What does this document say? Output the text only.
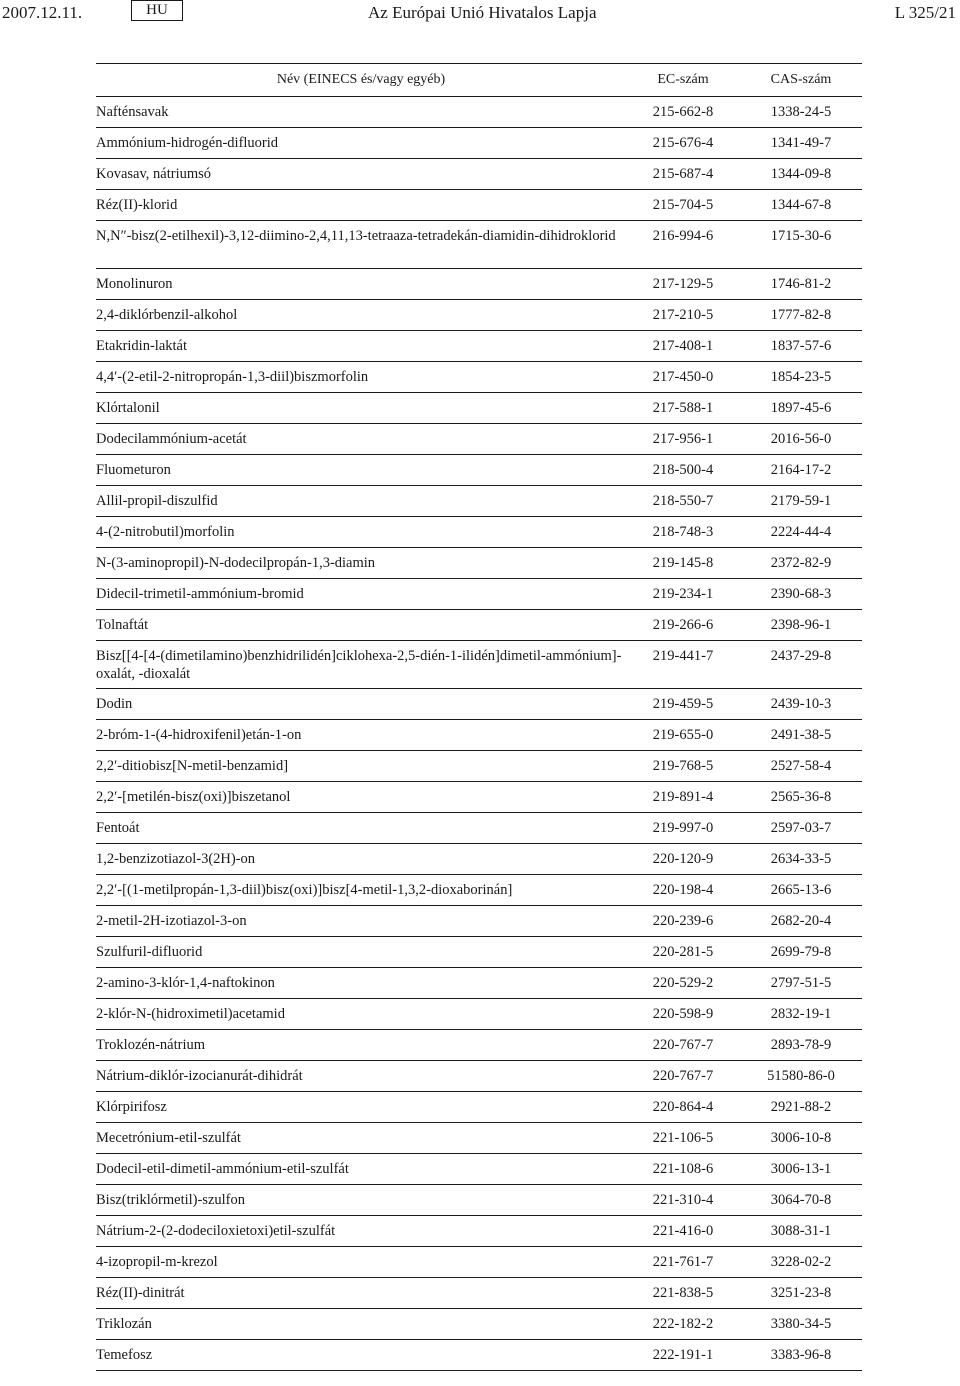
2007.12.11.	HU	Az Európai Unió Hivatalos Lapja	L 325/21
Név (EINECS és/vagy egyéb)	EC-szám	CAS-szám
Nafténsavak	215-662-8	1338-24-5
Ammónium-hidrogén-difluorid	215-676-4	1341-49-7
Kovasav, nátriumsó	215-687-4	1344-09-8
Réz(II)-klorid	215-704-5	1344-67-8
N,N″-bisz(2-etilhexil)-3,12-diimino-2,4,11,13-tetraaza-tetradekán-diamidin-dihidroklorid	216-994-6	1715-30-6
Monolinuron	217-129-5	1746-81-2
2,4-diklórbenzil-alkohol	217-210-5	1777-82-8
Etakridin-laktát	217-408-1	1837-57-6
4,4′-(2-etil-2-nitropropán-1,3-diil)biszmorfolin	217-450-0	1854-23-5
Klórtalonil	217-588-1	1897-45-6
Dodecilammónium-acetát	217-956-1	2016-56-0
Fluometuron	218-500-4	2164-17-2
Allil-propil-diszulfid	218-550-7	2179-59-1
4-(2-nitrobutil)morfolin	218-748-3	2224-44-4
N-(3-aminopropil)-N-dodecilpropán-1,3-diamin	219-145-8	2372-82-9
Didecil-trimetil-ammónium-bromid	219-234-1	2390-68-3
Tolnaftát	219-266-6	2398-96-1
Bisz[[4-[4-(dimetilamino)benzhidrilidén]ciklohexa-2,5-dién-1-ilidén]dimetil-ammónium]-oxalát, -dioxalát	219-441-7	2437-29-8
Dodin	219-459-5	2439-10-3
2-bróm-1-(4-hidroxifenil)etán-1-on	219-655-0	2491-38-5
2,2′-ditiobisz[N-metil-benzamid]	219-768-5	2527-58-4
2,2′-[metilén-bisz(oxi)]biszetanol	219-891-4	2565-36-8
Fentoát	219-997-0	2597-03-7
1,2-benzizotiazol-3(2H)-on	220-120-9	2634-33-5
2,2′-[(1-metilpropán-1,3-diil)bisz(oxi)]bisz[4-metil-1,3,2-dioxaborinán]	220-198-4	2665-13-6
2-metil-2H-izotiazol-3-on	220-239-6	2682-20-4
Szulfuril-difluorid	220-281-5	2699-79-8
2-amino-3-klór-1,4-naftokinon	220-529-2	2797-51-5
2-klór-N-(hidroximetil)acetamid	220-598-9	2832-19-1
Troklozén-nátrium	220-767-7	2893-78-9
Nátrium-diklór-izocianurát-dihidrát	220-767-7	51580-86-0
Klórpirifosz	220-864-4	2921-88-2
Mecetrónium-etil-szulfát	221-106-5	3006-10-8
Dodecil-etil-dimetil-ammónium-etil-szulfát	221-108-6	3006-13-1
Bisz(triklórmetil)-szulfon	221-310-4	3064-70-8
Nátrium-2-(2-dodeciloxietoxi)etil-szulfát	221-416-0	3088-31-1
4-izopropil-m-krezol	221-761-7	3228-02-2
Réz(II)-dinitrát	221-838-5	3251-23-8
Triklozán	222-182-2	3380-34-5
Temefosz	222-191-1	3383-96-8
